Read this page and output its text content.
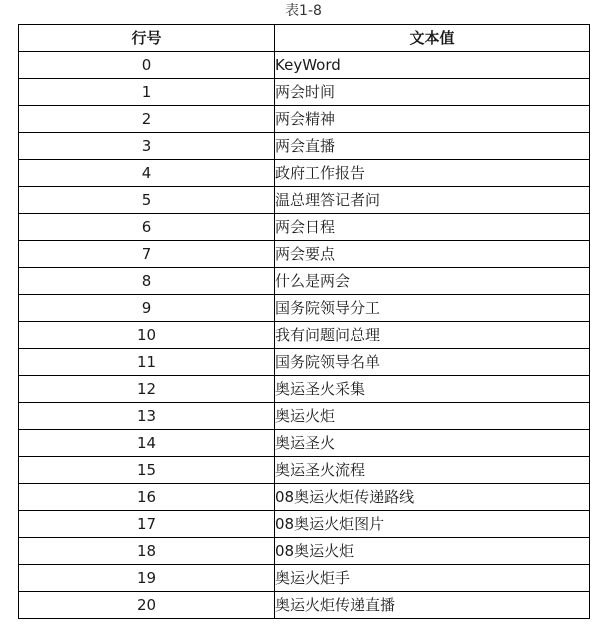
表1-8
行号	文本值
0	KeyWord
1	两会时间
2	两会精神
3	两会直播
4	政府工作报告
5	温总理答记者问
6	两会日程
7	两会要点
8	什么是两会
9	国务院领导分工
10	我有问题问总理
11	国务院领导名单
12	奥运圣火采集
13	奥运火炬
14	奥运圣火
15	奥运圣火流程
16	08奥运火炬传递路线
17	08奥运火炬图片
18	08奥运火炬
19	奥运火炬手
20	奥运火炬传递直播
